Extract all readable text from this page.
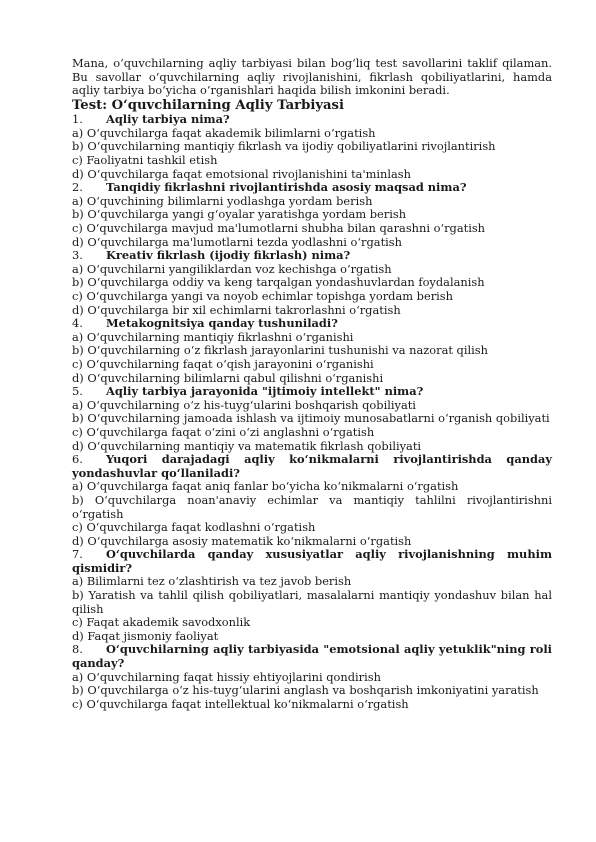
Mana, o‘quvchilarning aqliy tarbiyasi bilan bog‘liq test savollarini taklif qilaman. Bu savollar o‘quvchilarning aqliy rivojlanishini, fikrlash qobiliyatlarini, hamda aqliy tarbiya bo‘yicha o‘rganishlari haqida bilish imkonini beradi.

Test: O‘quvchilarning Aqliy Tarbiyasi

1.	Aqliy tarbiya nima?

a) O‘quvchilarga faqat akademik bilimlarni o‘rgatish

b) O‘quvchilarning mantiqiy fikrlash va ijodiy qobiliyatlarini rivojlantirish

c) Faoliyatni tashkil etish

d) O‘quvchilarga faqat emotsional rivojlanishini ta'minlash

2.	Tanqidiy fikrlashni rivojlantirishda asosiy maqsad nima?

a) O‘quvchining bilimlarni yodlashga yordam berish

b) O‘quvchilarga yangi g‘oyalar yaratishga yordam berish

c) O‘quvchilarga mavjud ma'lumotlarni shubha bilan qarashni o‘rgatish

d) O‘quvchilarga ma'lumotlarni tezda yodlashni o‘rgatish

3.	Kreativ fikrlash (ijodiy fikrlash) nima?

a) O‘quvchilarni yangiliklardan voz kechishga o‘rgatish

b) O‘quvchilarga oddiy va keng tarqalgan yondashuvlardan foydalanish

c) O‘quvchilarga yangi va noyob echimlar topishga yordam berish

d) O‘quvchilarga bir xil echimlarni takrorlashni o‘rgatish

4.	Metakognitsiya qanday tushuniladi?

a) O‘quvchilarning mantiqiy fikrlashni o‘rganishi

b) O‘quvchilarning o‘z fikrlash jarayonlarini tushunishi va nazorat qilish

c) O‘quvchilarning faqat o‘qish jarayonini o‘rganishi

d) O‘quvchilarning bilimlarni qabul qilishni o‘rganishi

5.	Aqliy tarbiya jarayonida "ijtimoiy intellekt" nima?

a) O‘quvchilarning o‘z his-tuyg‘ularini boshqarish qobiliyati

b) O‘quvchilarning jamoada ishlash va ijtimoiy munosabatlarni o‘rganish qobiliyati

c) O‘quvchilarga faqat o‘zini o‘zi anglashni o‘rgatish

d) O‘quvchilarning mantiqiy va matematik fikrlash qobiliyati

6. Yuqori darajadagi aqliy ko‘nikmalarni rivojlantirishda qanday yondashuvlar qo‘llaniladi?

a) O‘quvchilarga faqat aniq fanlar bo‘yicha ko‘nikmalarni o‘rgatish

b) O‘quvchilarga noan'anaviy echimlar va mantiqiy tahlilni rivojlantirishni o‘rgatish

c) O‘quvchilarga faqat kodlashni o‘rgatish

d) O‘quvchilarga asosiy matematik ko‘nikmalarni o‘rgatish

7. O‘quvchilarda qanday xususiyatlar aqliy rivojlanishning muhim qismidir?

a) Bilimlarni tez o‘zlashtirish va tez javob berish

b) Yaratish va tahlil qilish qobiliyatlari, masalalarni mantiqiy yondashuv bilan hal qilish

c) Faqat akademik savodxonlik

d) Faqat jismoniy faoliyat

8. O‘quvchilarning aqliy tarbiyasida "emotsional aqliy yetuklik"ning roli qanday?

a) O‘quvchilarning faqat hissiy ehtiyojlarini qondirish

b) O‘quvchilarga o‘z his-tuyg‘ularini anglash va boshqarish imkoniyatini yaratish

c) O‘quvchilarga faqat intellektual ko‘nikmalarni o‘rgatish
